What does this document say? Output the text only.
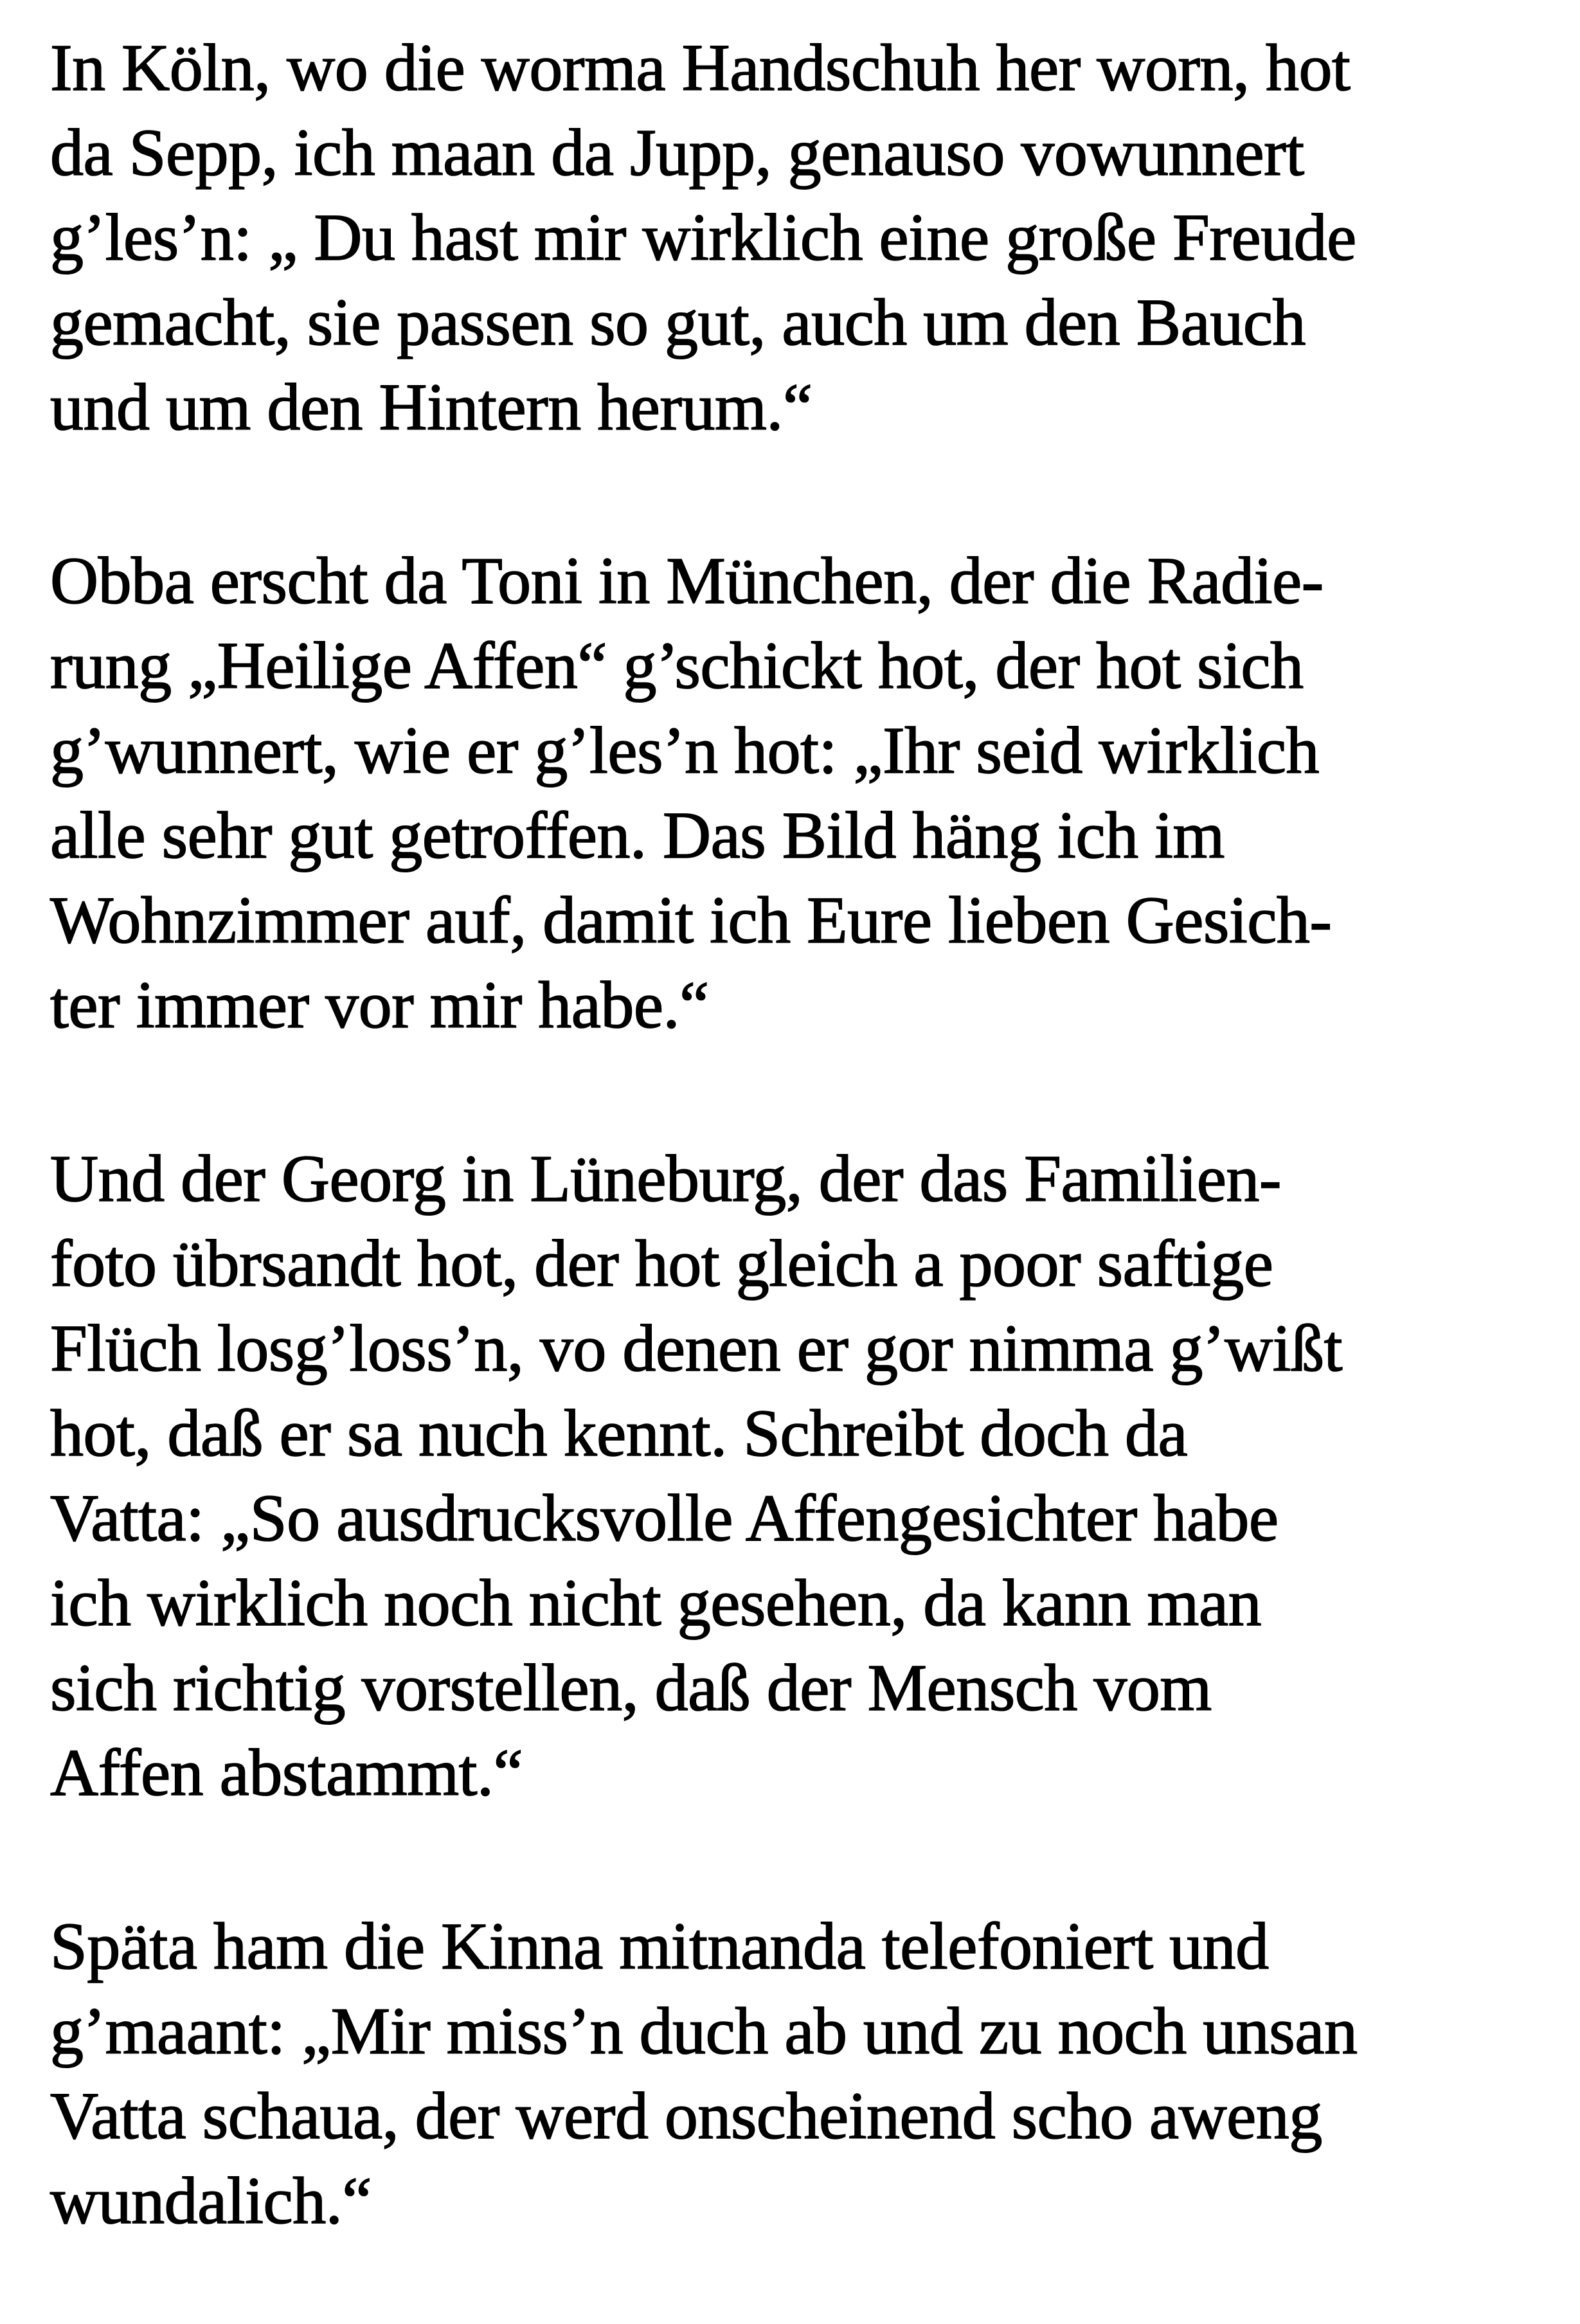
In Köln, wo die worma Handschuh her worn, hot
da Sepp, ich maan da Jupp, genauso vowunnert
g’les’n: „ Du hast mir wirklich eine große Freude
gemacht, sie passen so gut, auch um den Bauch
und um den Hintern herum.“
Obba erscht da Toni in München, der die Radie-
rung „Heilige Affen“ g’schickt hot, der hot sich
g’wunnert, wie er g’les’n hot: „Ihr seid wirklich
alle sehr gut getroffen. Das Bild häng ich im
Wohnzimmer auf, damit ich Eure lieben Gesich-
ter immer vor mir habe.“
Und der Georg in Lüneburg, der das Familien-
foto übrsandt hot, der hot gleich a poor saftige
Flüch losg’loss’n, vo denen er gor nimma g’wißt
hot, daß er sa nuch kennt. Schreibt doch da
Vatta: „So ausdrucksvolle Affengesichter habe
ich wirklich noch nicht gesehen, da kann man
sich richtig vorstellen, daß der Mensch vom
Affen abstammt.“
Späta ham die Kinna mitnanda telefoniert und
g’maant: „Mir miss’n duch ab und zu noch unsan
Vatta schaua, der werd onscheinend scho aweng
wundalich.“
